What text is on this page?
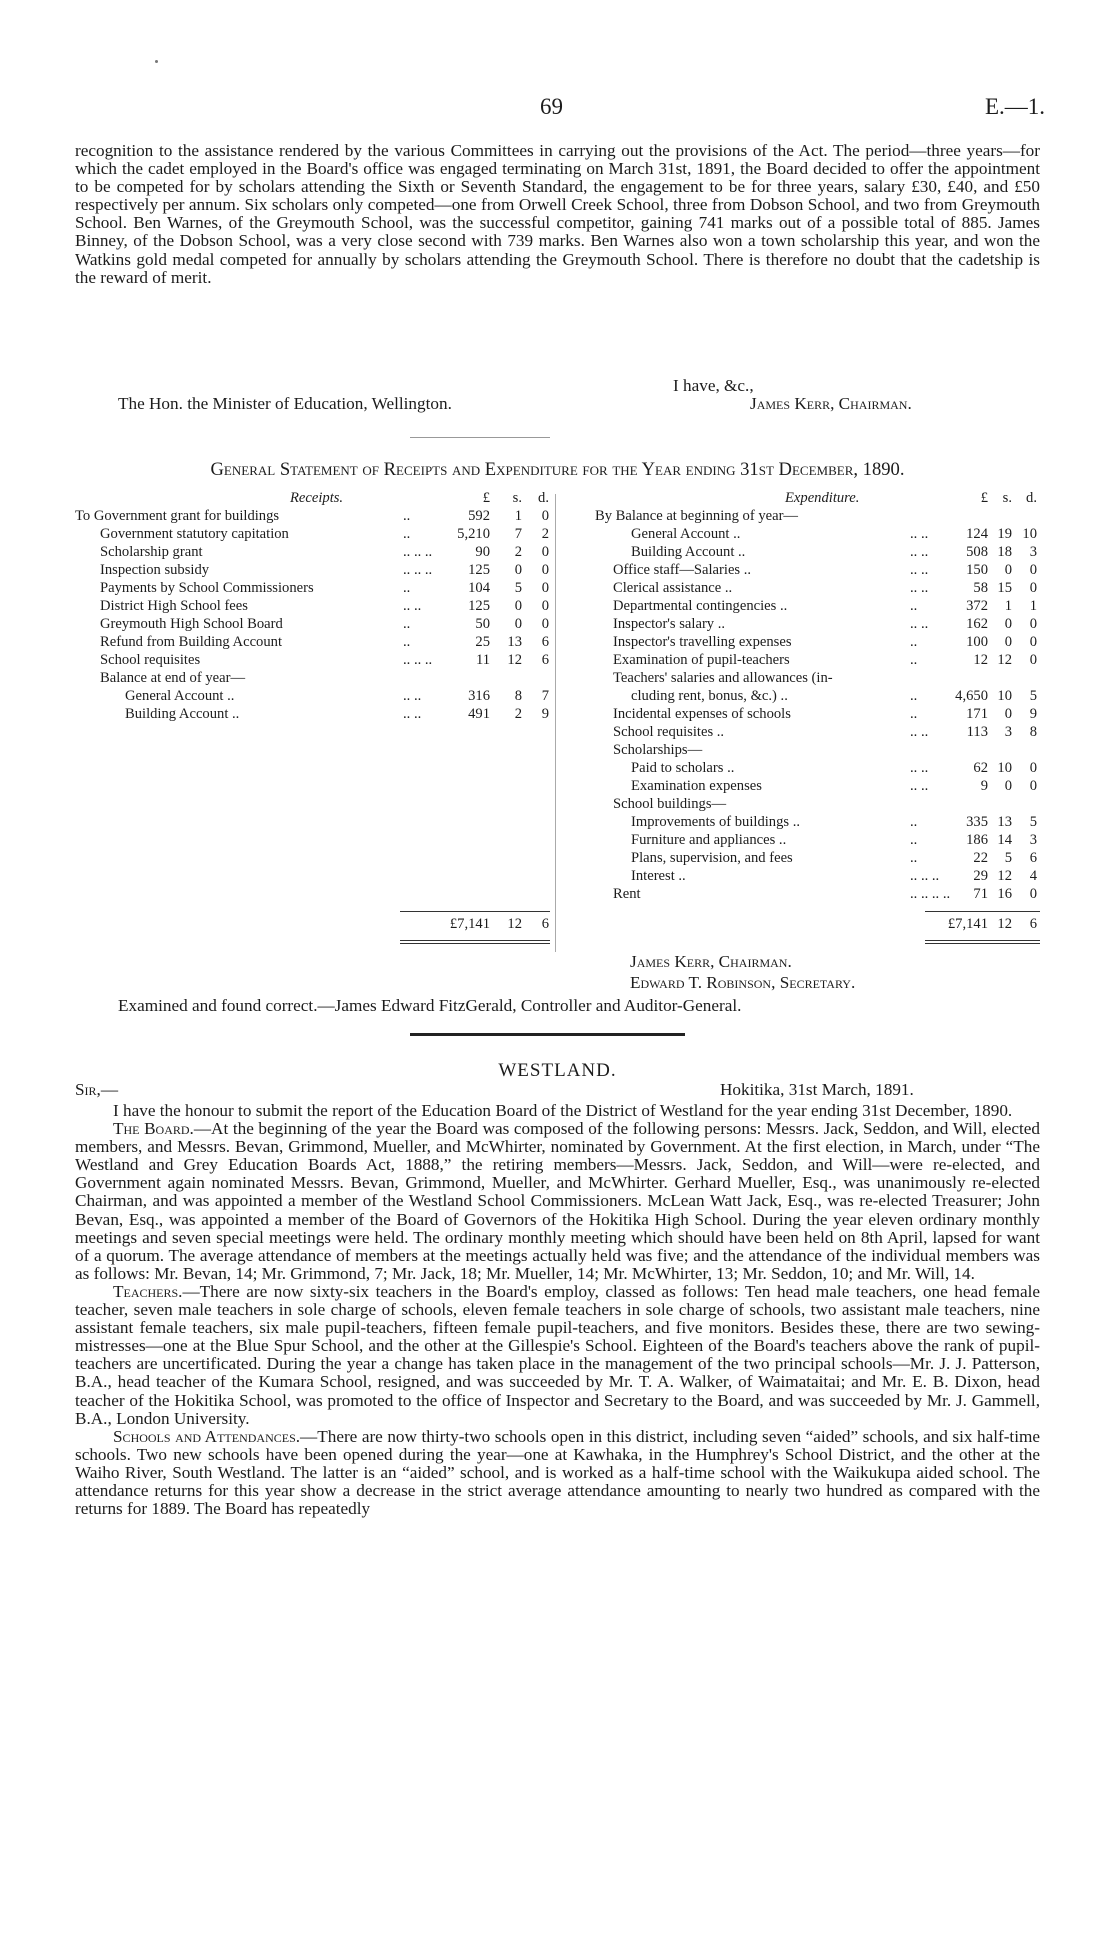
69	E.—1.

recognition to the assistance rendered by the various Committees in carrying out the provisions of the Act. The period—three years—for which the cadet employed in the Board's office was engaged terminating on March 31st, 1891, the Board decided to offer the appointment to be competed for by scholars attending the Sixth or Seventh Standard, the engagement to be for three years, salary £30, £40, and £50 respectively per annum. Six scholars only competed—one from Orwell Creek School, three from Dobson School, and two from Greymouth School. Ben Warnes, of the Greymouth School, was the successful competitor, gaining 741 marks out of a possible total of 885. James Binney, of the Dobson School, was a very close second with 739 marks. Ben Warnes also won a town scholarship this year, and won the Watkins gold medal competed for annually by scholars attending the Greymouth School. There is therefore no doubt that the cadetship is the reward of merit.

I have, &c.,
The Hon. the Minister of Education, Wellington.	James Kerr, Chairman.
General Statement of Receipts and Expenditure for the Year ending 31st December, 1890.
Receipts.	£	s.	d.
To Government grant for buildings	..	592	1	0
Government statutory capitation	..	5,210	7	2
Scholarship grant	.. .. ..	90	2	0
Inspection subsidy	.. .. ..	125	0	0
Payments by School Commissioners	..	104	5	0
District High School fees	.. ..	125	0	0
Greymouth High School Board	..	50	0	0
Refund from Building Account	..	25	13	6
School requisites	.. .. ..	11	12	6
Balance at end of year—
General Account ..	.. ..	316	8	7
Building Account ..	.. ..	491	2	9
Expenditure.	£	s. d.
By Balance at beginning of year—
General Account ..	.. ..	124 19 10
Building Account ..	.. ..	508 18	3
Office staff—Salaries ..	.. ..	150	0	0
Clerical assistance ..	.. ..	58 15	0
Departmental contingencies ..	..	372	1	1
Inspector's salary ..	.. ..	162	0	0
Inspector's travelling expenses	..	100	0	0
Examination of pupil-teachers	..	12 12	0
Teachers' salaries and allowances (in-
cluding rent, bonus, &c.) ..	..	4,650 10	5
Incidental expenses of schools	..	171	0	9
School requisites ..	.. ..	113	3	8
Scholarships—
Paid to scholars ..	.. ..	62 10	0
Examination expenses	.. ..	9	0	0
School buildings—
Improvements of buildings ..	..	335 13	5
Furniture and appliances ..	..	186 14	3
Plans, supervision, and fees	..	22	5	6
Interest ..	.. .. ..	29 12	4
Rent	.. .. .. ..	71 16	0
£7,141	12	6	£7,141 12	6
James Kerr, Chairman.
Edward T. Robinson, Secretary.
Examined and found correct.—James Edward FitzGerald, Controller and Auditor-General.
WESTLAND.
Sir,—	Hokitika, 31st March, 1891.

I have the honour to submit the report of the Education Board of the District of Westland for the year ending 31st December, 1890.

The Board.—At the beginning of the year the Board was composed of the following persons: Messrs. Jack, Seddon, and Will, elected members, and Messrs. Bevan, Grimmond, Mueller, and McWhirter, nominated by Government. At the first election, in March, under “The Westland and Grey Education Boards Act, 1888,” the retiring members—Messrs. Jack, Seddon, and Will—were re-elected, and Government again nominated Messrs. Bevan, Grimmond, Mueller, and McWhirter. Gerhard Mueller, Esq., was unanimously re-elected Chairman, and was appointed a member of the Westland School Commissioners. McLean Watt Jack, Esq., was re-elected Treasurer; John Bevan, Esq., was appointed a member of the Board of Governors of the Hokitika High School. During the year eleven ordinary monthly meetings and seven special meetings were held. The ordinary monthly meeting which should have been held on 8th April, lapsed for want of a quorum. The average attendance of members at the meetings actually held was five; and the attendance of the individual members was as follows: Mr. Bevan, 14; Mr. Grimmond, 7; Mr. Jack, 18; Mr. Mueller, 14; Mr. McWhirter, 13; Mr. Seddon, 10; and Mr. Will, 14.

Teachers.—There are now sixty-six teachers in the Board's employ, classed as follows: Ten head male teachers, one head female teacher, seven male teachers in sole charge of schools, eleven female teachers in sole charge of schools, two assistant male teachers, nine assistant female teachers, six male pupil-teachers, fifteen female pupil-teachers, and five monitors. Besides these, there are two sewing-mistresses—one at the Blue Spur School, and the other at the Gillespie's School. Eighteen of the Board's teachers above the rank of pupil-teachers are uncertificated. During the year a change has taken place in the management of the two principal schools—Mr. J. J. Patterson, B.A., head teacher of the Kumara School, resigned, and was succeeded by Mr. T. A. Walker, of Waimataitai; and Mr. E. B. Dixon, head teacher of the Hokitika School, was promoted to the office of Inspector and Secretary to the Board, and was succeeded by Mr. J. Gammell, B.A., London University.

Schools and Attendances.—There are now thirty-two schools open in this district, including seven “aided” schools, and six half-time schools. Two new schools have been opened during the year—one at Kawhaka, in the Humphrey's School District, and the other at the Waiho River, South Westland. The latter is an “aided” school, and is worked as a half-time school with the Waikukupa aided school. The attendance returns for this year show a decrease in the strict average attendance amounting to nearly two hundred as compared with the returns for 1889. The Board has repeatedly
